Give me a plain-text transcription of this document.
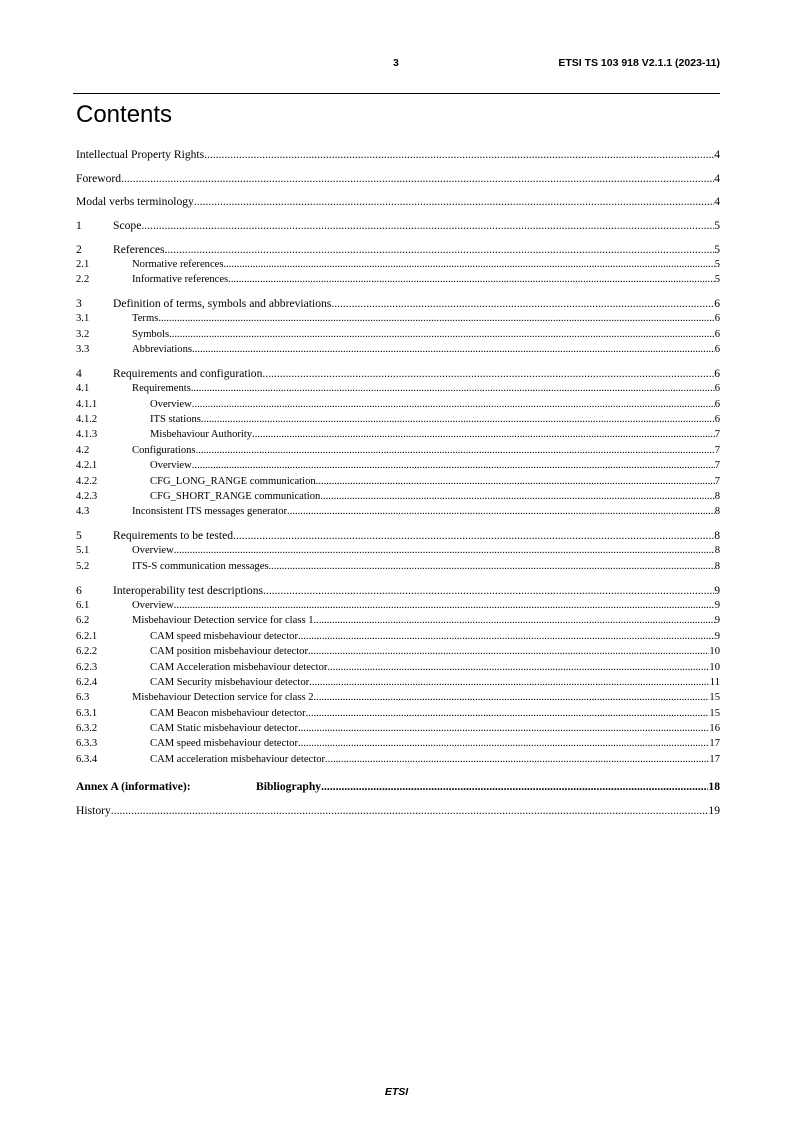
3	ETSI TS 103 918 V2.1.1 (2023-11)
Contents
Intellectual Property Rights .....	4
Foreword .....	4
Modal verbs terminology .....	4
1	Scope .....	5
2	References .....	5
2.1	Normative references .....	5
2.2	Informative references .....	5
3	Definition of terms, symbols and abbreviations .....	6
3.1	Terms .....	6
3.2	Symbols .....	6
3.3	Abbreviations .....	6
4	Requirements and configuration .....	6
4.1	Requirements .....	6
4.1.1	Overview .....	6
4.1.2	ITS stations .....	6
4.1.3	Misbehaviour Authority .....	7
4.2	Configurations .....	7
4.2.1	Overview .....	7
4.2.2	CFG_LONG_RANGE communication .....	7
4.2.3	CFG_SHORT_RANGE communication .....	8
4.3	Inconsistent ITS messages generator .....	8
5	Requirements to be tested .....	8
5.1	Overview .....	8
5.2	ITS-S communication messages .....	8
6	Interoperability test descriptions .....	9
6.1	Overview .....	9
6.2	Misbehaviour Detection service for class 1 .....	9
6.2.1	CAM speed misbehaviour detector .....	9
6.2.2	CAM position misbehaviour detector .....	10
6.2.3	CAM Acceleration misbehaviour detector .....	10
6.2.4	CAM Security misbehaviour detector .....	11
6.3	Misbehaviour Detection service for class 2 .....	15
6.3.1	CAM Beacon misbehaviour detector .....	15
6.3.2	CAM Static misbehaviour detector .....	16
6.3.3	CAM speed misbehaviour detector .....	17
6.3.4	CAM acceleration misbehaviour detector .....	17
Annex A (informative):	Bibliography .....	18
History .....	19
ETSI
